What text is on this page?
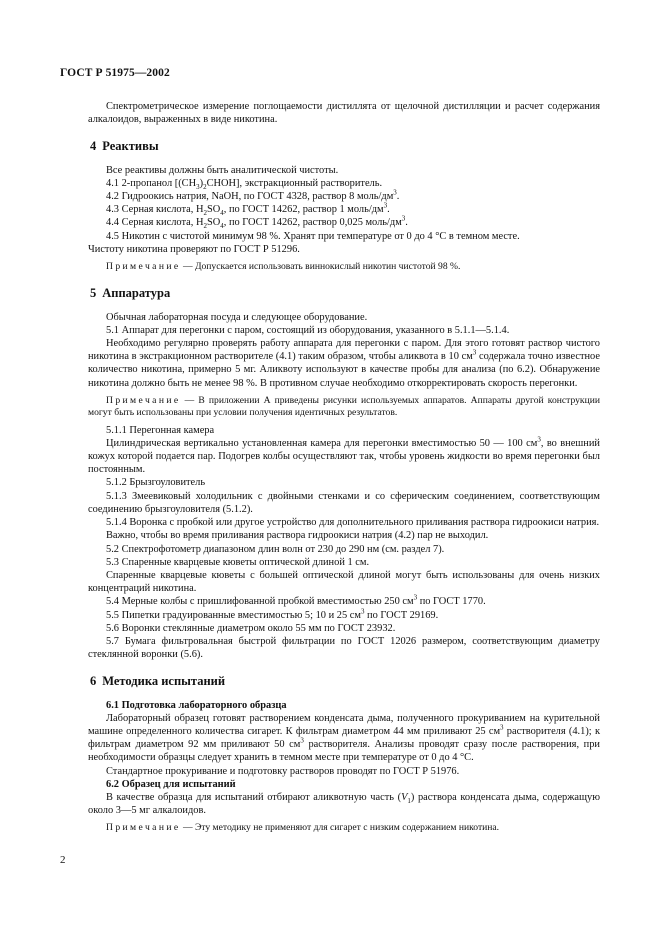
ГОСТ Р 51975—2002

Спектрометрическое измерение поглощаемости дистиллята от щелочной дистилляции и расчет содержания алкалоидов, выраженных в виде никотина.

4 Реактивы

Все реактивы должны быть аналитической чистоты.

4.1 2-пропанол $[(CH_3)_2CHOH]$, экстракционный растворитель.

4.2 Гидроокись натрия, NaOH, по ГОСТ 4328, раствор 8 моль/$дм^3$.

4.3 Серная кислота, $H_2SO_4$, по ГОСТ 14262, раствор 1 моль/$дм^3$.

4.4 Серная кислота, $H_2SO_4$, по ГОСТ 14262, раствор 0,025 моль/$дм^3$.

4.5 Никотин с чистотой минимум 98 %. Хранят при температуре от 0 до 4 °С в темном месте.

Чистоту никотина проверяют по ГОСТ Р 51296.

Примечание — Допускается использовать виннокислый никотин чистотой 98 %.

5 Аппаратура

Обычная лабораторная посуда и следующее оборудование.

5.1 Аппарат для перегонки с паром, состоящий из оборудования, указанного в 5.1.1—5.1.4.

Необходимо регулярно проверять работу аппарата для перегонки с паром. Для этого готовят раствор чистого никотина в экстракционном растворителе (4.1) таким образом, чтобы аликвота в 10 $см^3$ содержала точно известное количество никотина, примерно 5 мг. Аликвоту используют в качестве пробы для анализа (по 6.2). Обнаружение никотина должно быть не менее 98 %. В противном случае необходимо откорректировать скорость перегонки.

Примечание — В приложении А приведены рисунки используемых аппаратов. Аппараты другой конструкции могут быть использованы при условии получения идентичных результатов.

5.1.1 Перегонная камера

Цилиндрическая вертикально установленная камера для перегонки вместимостью 50 — 100 $см^3$, во внешний кожух которой подается пар. Подогрев колбы осуществляют так, чтобы уровень жидкости во время перегонки был постоянным.

5.1.2 Брызгоуловитель

5.1.3 Змеевиковый холодильник с двойными стенками и со сферическим соединением, соответствующим соединению брызгоуловителя (5.1.2).

5.1.4 Воронка с пробкой или другое устройство для дополнительного приливания раствора гидроокиси натрия.

Важно, чтобы во время приливания раствора гидроокиси натрия (4.2) пар не выходил.

5.2 Спектрофотометр диапазоном длин волн от 230 до 290 нм (см. раздел 7).

5.3 Спаренные кварцевые кюветы оптической длиной 1 см.

Спаренные кварцевые кюветы с большей оптической длиной могут быть использованы для очень низких концентраций никотина.

5.4 Мерные колбы с пришлифованной пробкой вместимостью 250 $см^3$ по ГОСТ 1770.

5.5 Пипетки градуированные вместимостью 5; 10 и 25 $см^3$ по ГОСТ 29169.

5.6 Воронки стеклянные диаметром около 55 мм по ГОСТ 23932.

5.7 Бумага фильтровальная быстрой фильтрации по ГОСТ 12026 размером, соответствующим диаметру стеклянной воронки (5.6).

6 Методика испытаний
6.1 Подготовка лабораторного образца

Лабораторный образец готовят растворением конденсата дыма, полученного прокуриванием на курительной машине определенного количества сигарет. К фильтрам диаметром 44 мм приливают 25 $см^3$ растворителя (4.1); к фильтрам диаметром 92 мм приливают 50 $см^3$ растворителя. Анализы проводят сразу после растворения, при необходимости образцы следует хранить в темном месте при температуре от 0 до 4 °С.

Стандартное прокуривание и подготовку растворов проводят по ГОСТ Р 51976.

6.2 Образец для испытаний

В качестве образца для испытаний отбирают аликвотную часть $(V_1)$ раствора конденсата дыма, содержащую около 3—5 мг алкалоидов.

Примечание — Эту методику не применяют для сигарет с низким содержанием никотина.

2
